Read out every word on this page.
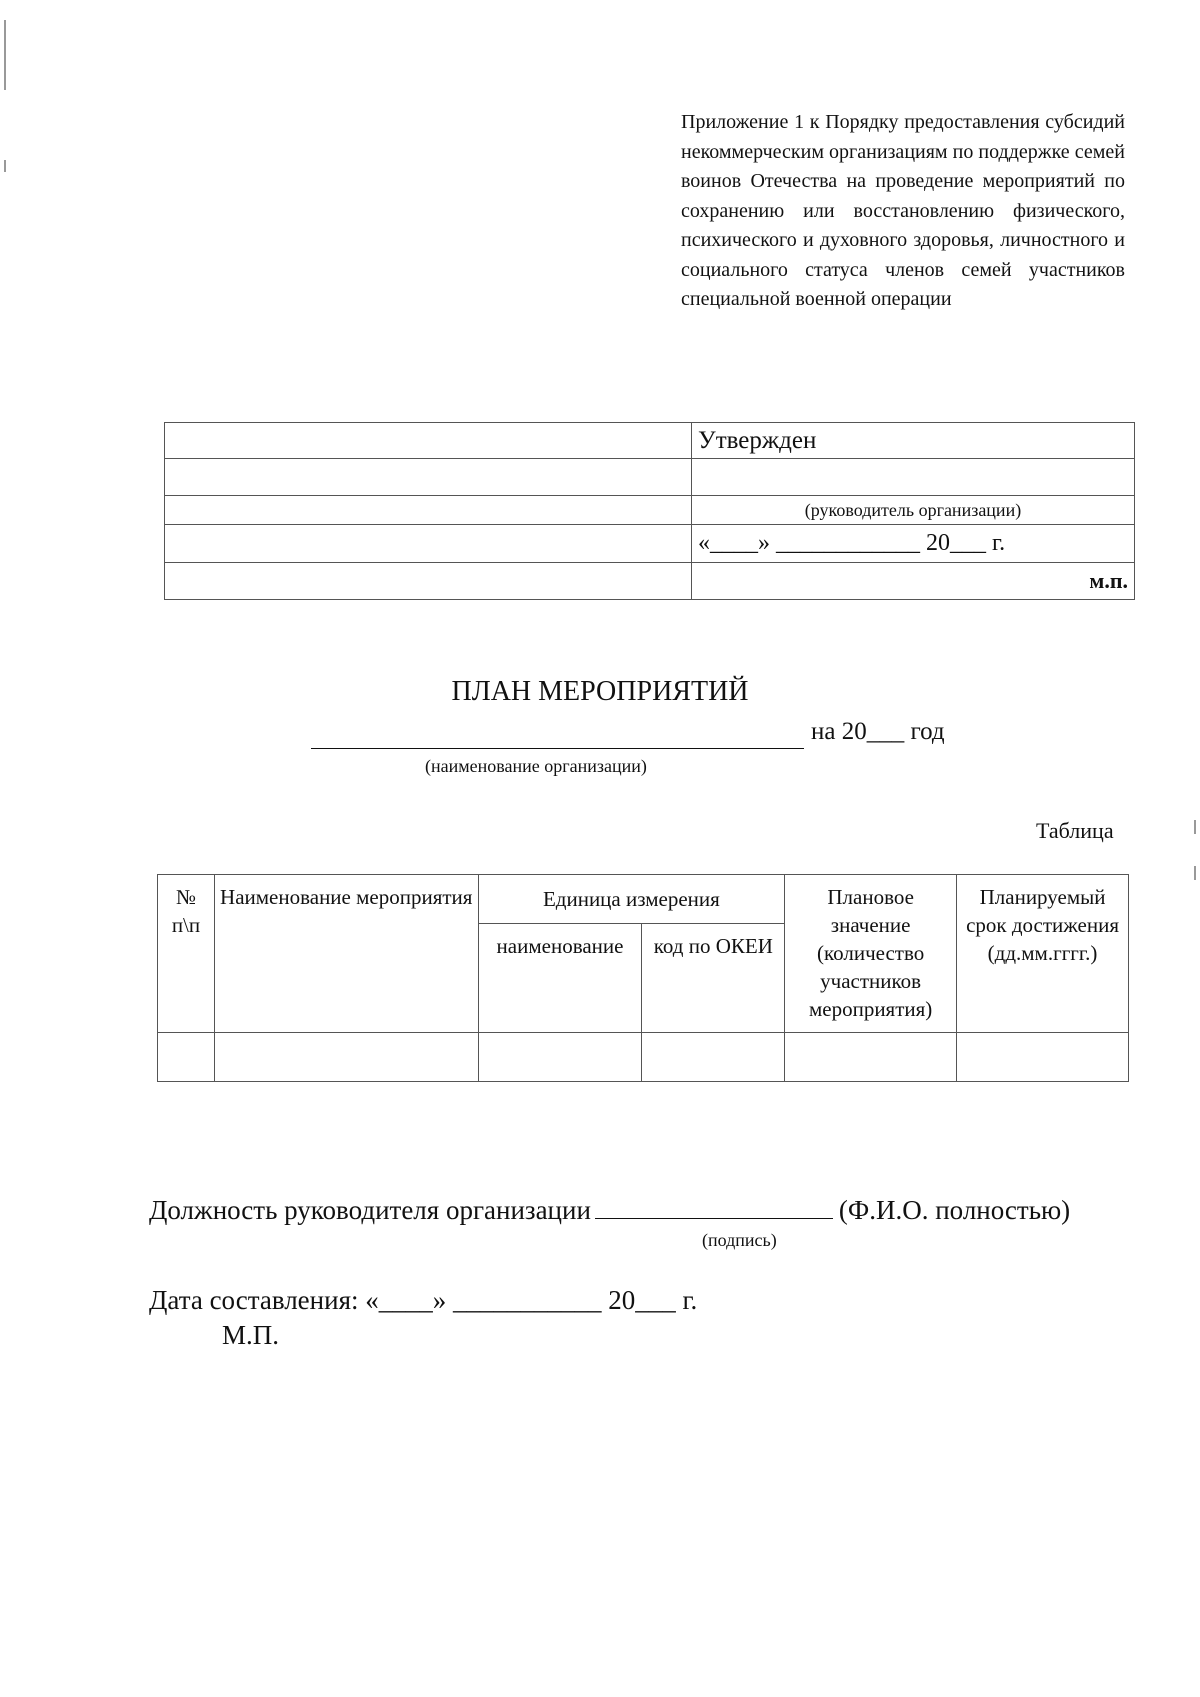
Приложение 1 к Порядку предоставления субсидий некоммерческим организациям по поддержке семей воинов Отечества на проведение мероприятий по сохранению или восстановлению физического, психического и духовного здоровья, личностного и социального статуса членов семей участников специальной военной операции
	Утвержден

	(руководитель организации)
	«____» ____________ 20___ г.
	м.п.
ПЛАН МЕРОПРИЯТИЙ
на 20___ год
(наименование организации)
Таблица
№ п\п	Наименование мероприятия	Единица измерения		Плановое значение (количество участников мероприятия)	Планируемый срок достижения (дд.мм.гггг.)
		наименование	код по ОКЕИ		

Должность руководителя организации	(Ф.И.О. полностью)
(подпись)
Дата составления: «____» ___________ 20___ г.
М.П.
